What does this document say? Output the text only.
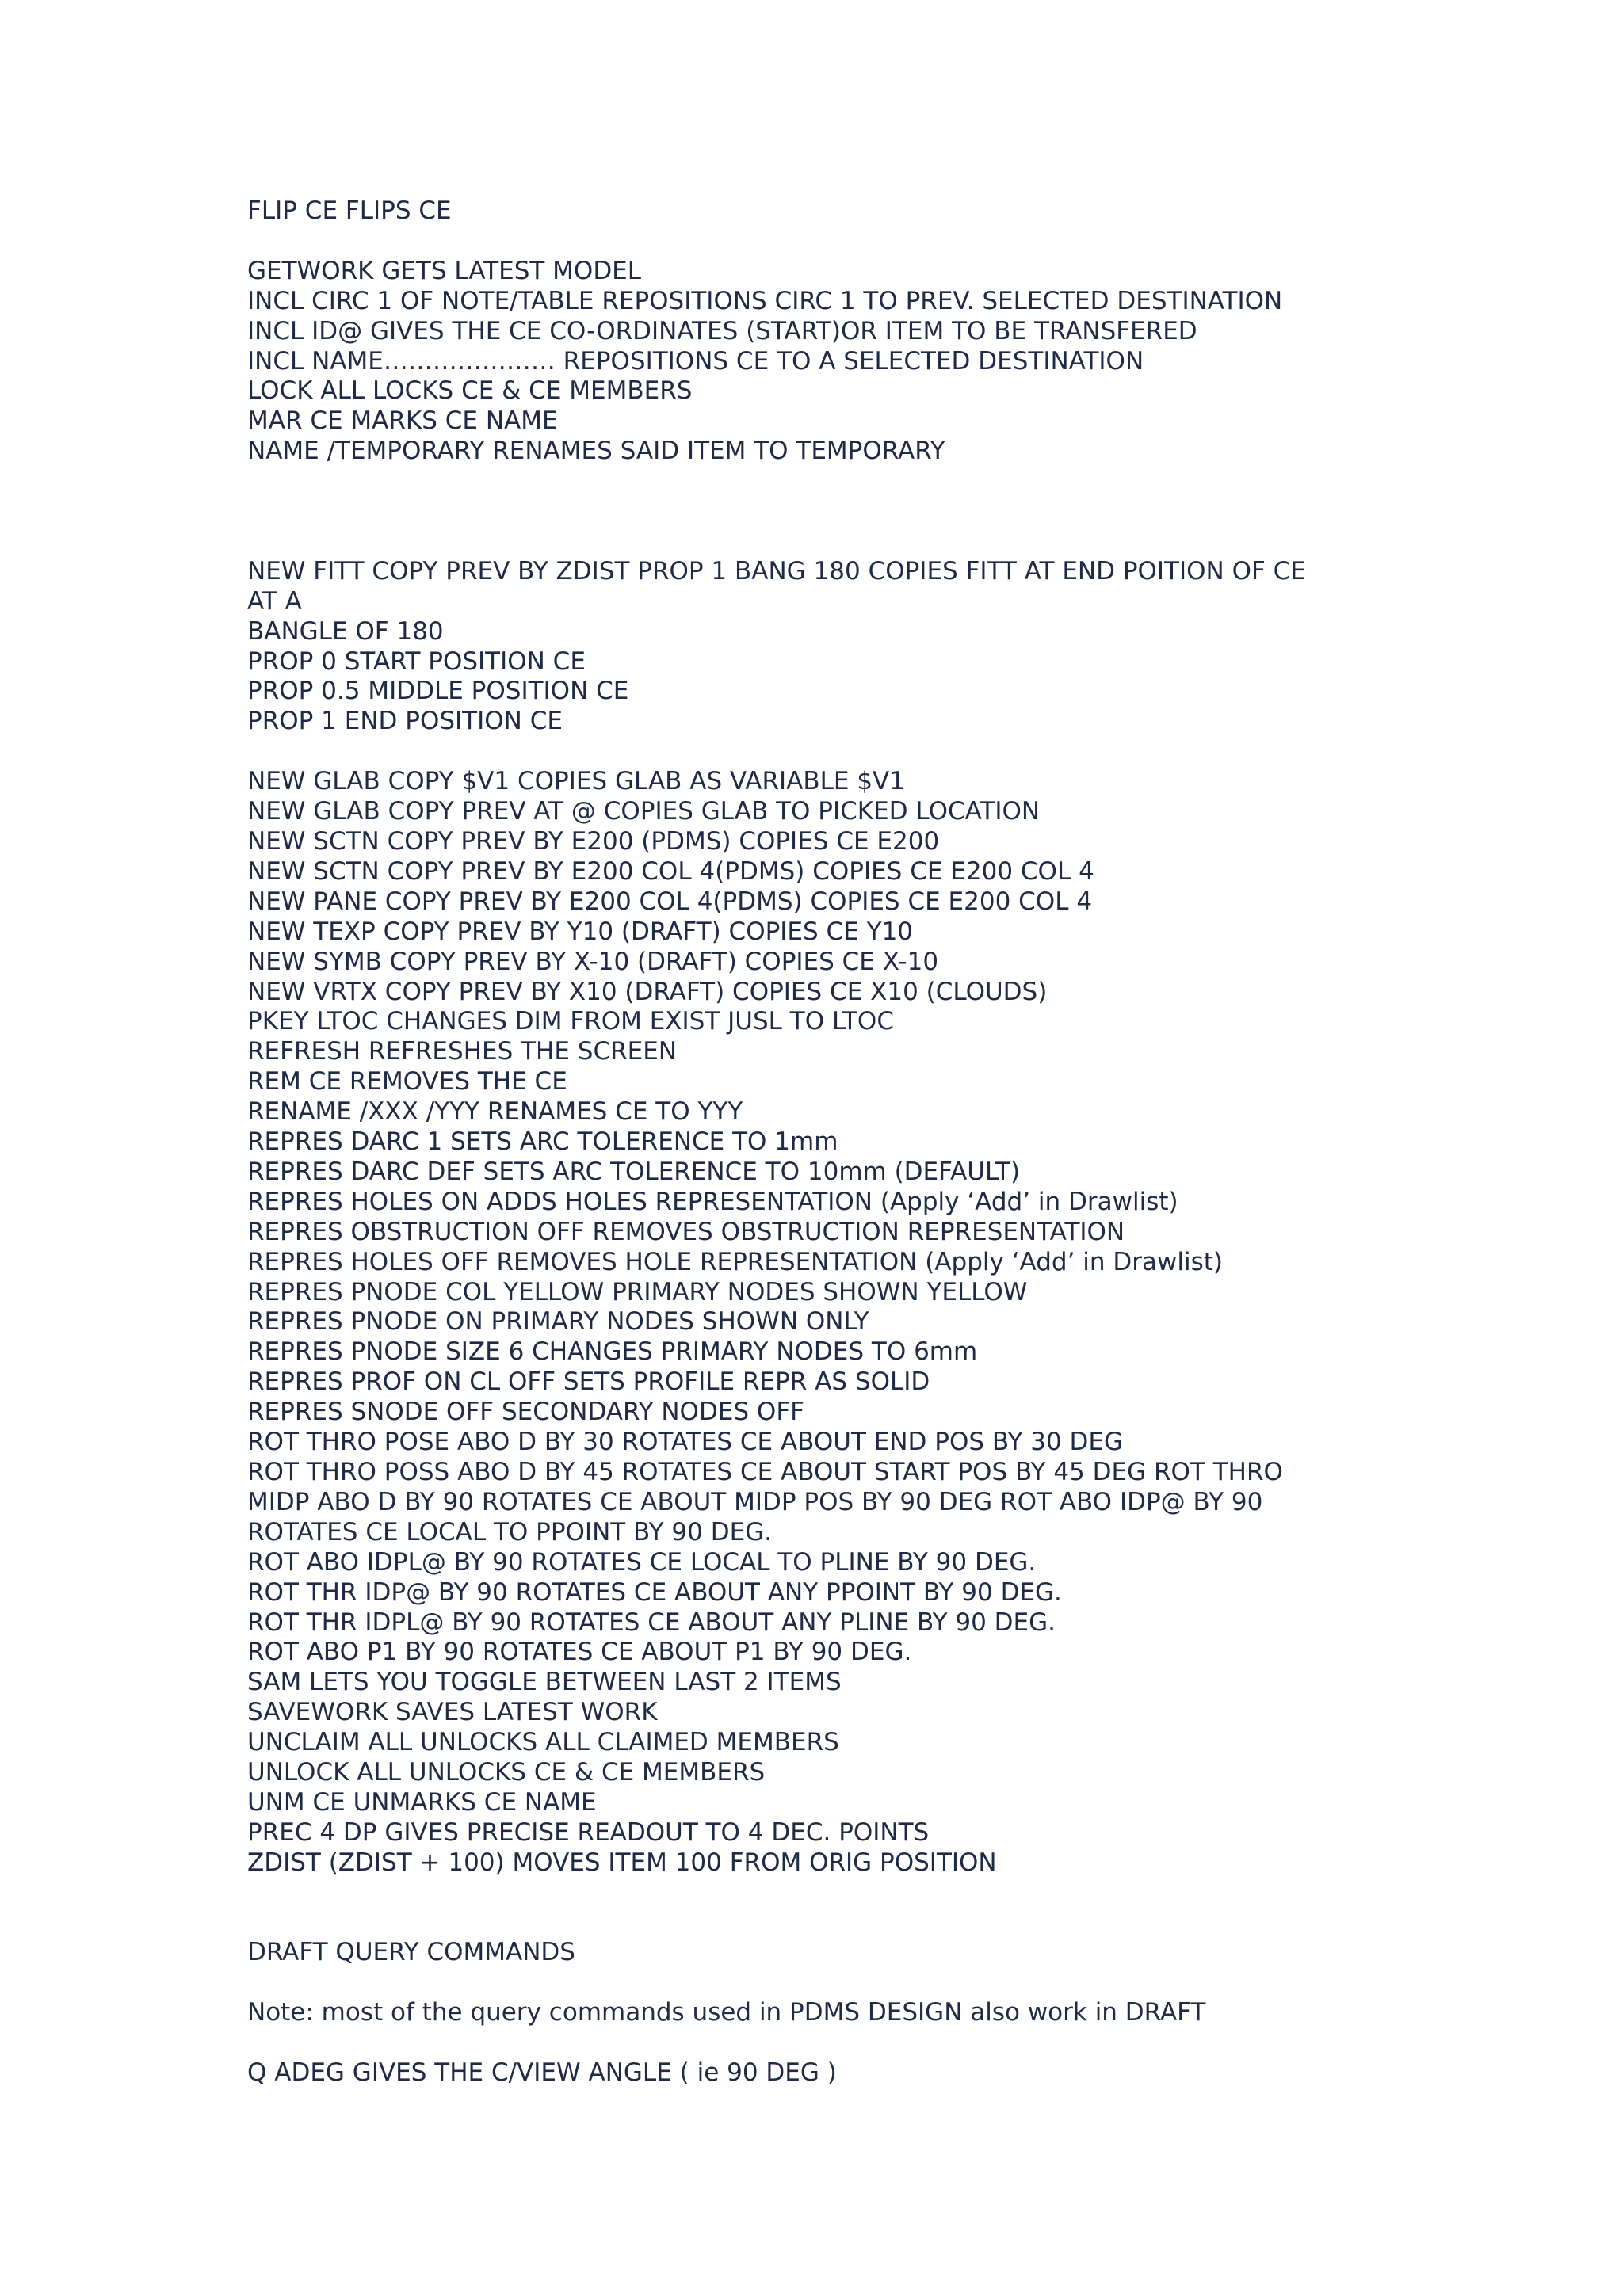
FLIP CE FLIPS CE
GETWORK GETS LATEST MODEL
INCL CIRC 1 OF NOTE/TABLE REPOSITIONS CIRC 1 TO PREV. SELECTED DESTINATION
INCL ID@ GIVES THE CE CO-ORDINATES (START)OR ITEM TO BE TRANSFERED
INCL NAME………………… REPOSITIONS CE TO A SELECTED DESTINATION
LOCK ALL LOCKS CE & CE MEMBERS
MAR CE MARKS CE NAME
NAME /TEMPORARY RENAMES SAID ITEM TO TEMPORARY
NEW FITT COPY PREV BY ZDIST PROP 1 BANG 180 COPIES FITT AT END POITION OF CE
AT A
BANGLE OF 180
PROP 0 START POSITION CE
PROP 0.5 MIDDLE POSITION CE
PROP 1 END POSITION CE
NEW GLAB COPY $V1 COPIES GLAB AS VARIABLE $V1
NEW GLAB COPY PREV AT @ COPIES GLAB TO PICKED LOCATION
NEW SCTN COPY PREV BY E200 (PDMS) COPIES CE E200
NEW SCTN COPY PREV BY E200 COL 4(PDMS) COPIES CE E200 COL 4
NEW PANE COPY PREV BY E200 COL 4(PDMS) COPIES CE E200 COL 4
NEW TEXP COPY PREV BY Y10 (DRAFT) COPIES CE Y10
NEW SYMB COPY PREV BY X-10 (DRAFT) COPIES CE X-10
NEW VRTX COPY PREV BY X10 (DRAFT) COPIES CE X10 (CLOUDS)
PKEY LTOC CHANGES DIM FROM EXIST JUSL TO LTOC
REFRESH REFRESHES THE SCREEN
REM CE REMOVES THE CE
RENAME /XXX /YYY RENAMES CE TO YYY
REPRES DARC 1 SETS ARC TOLERENCE TO 1mm
REPRES DARC DEF SETS ARC TOLERENCE TO 10mm (DEFAULT)
REPRES HOLES ON ADDS HOLES REPRESENTATION (Apply ‘Add’ in Drawlist)
REPRES OBSTRUCTION OFF REMOVES OBSTRUCTION REPRESENTATION
REPRES HOLES OFF REMOVES HOLE REPRESENTATION (Apply ‘Add’ in Drawlist)
REPRES PNODE COL YELLOW PRIMARY NODES SHOWN YELLOW
REPRES PNODE ON PRIMARY NODES SHOWN ONLY
REPRES PNODE SIZE 6 CHANGES PRIMARY NODES TO 6mm
REPRES PROF ON CL OFF SETS PROFILE REPR AS SOLID
REPRES SNODE OFF SECONDARY NODES OFF
ROT THRO POSE ABO D BY 30 ROTATES CE ABOUT END POS BY 30 DEG
ROT THRO POSS ABO D BY 45 ROTATES CE ABOUT START POS BY 45 DEG ROT THRO
MIDP ABO D BY 90 ROTATES CE ABOUT MIDP POS BY 90 DEG ROT ABO IDP@ BY 90
ROTATES CE LOCAL TO PPOINT BY 90 DEG.
ROT ABO IDPL@ BY 90 ROTATES CE LOCAL TO PLINE BY 90 DEG.
ROT THR IDP@ BY 90 ROTATES CE ABOUT ANY PPOINT BY 90 DEG.
ROT THR IDPL@ BY 90 ROTATES CE ABOUT ANY PLINE BY 90 DEG.
ROT ABO P1 BY 90 ROTATES CE ABOUT P1 BY 90 DEG.
SAM LETS YOU TOGGLE BETWEEN LAST 2 ITEMS
SAVEWORK SAVES LATEST WORK
UNCLAIM ALL UNLOCKS ALL CLAIMED MEMBERS
UNLOCK ALL UNLOCKS CE & CE MEMBERS
UNM CE UNMARKS CE NAME
PREC 4 DP GIVES PRECISE READOUT TO 4 DEC. POINTS
ZDIST (ZDIST + 100) MOVES ITEM 100 FROM ORIG POSITION
DRAFT QUERY COMMANDS
Note: most of the query commands used in PDMS DESIGN also work in DRAFT
Q ADEG GIVES THE C/VIEW ANGLE ( ie 90 DEG )
